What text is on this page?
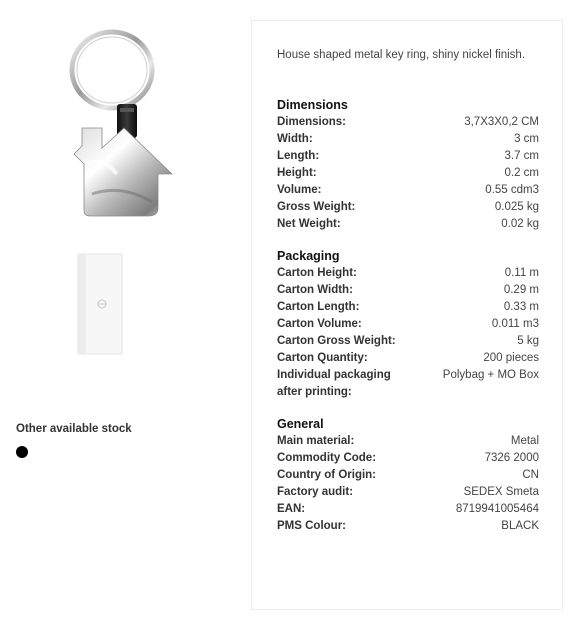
Other available stock
House shaped metal key ring, shiny nickel finish.
Dimensions
Dimensions:	3,7X3X0,2 CM
Width:	3 cm
Length:	3.7 cm
Height:	0.2 cm
Volume:	0.55 cdm3
Gross Weight:	0.025 kg
Net Weight:	0.02 kg
Packaging
Carton Height:	0.11 m
Carton Width:	0.29 m
Carton Length:	0.33 m
Carton Volume:	0.011 m3
Carton Gross Weight:	5 kg
Carton Quantity:	200 pieces
Individual packaging after printing:
Polybag + MO Box
General
Main material:	Metal
Commodity Code:	7326 2000
Country of Origin:	CN
Factory audit:	SEDEX Smeta
EAN:	8719941005464
PMS Colour:	BLACK
